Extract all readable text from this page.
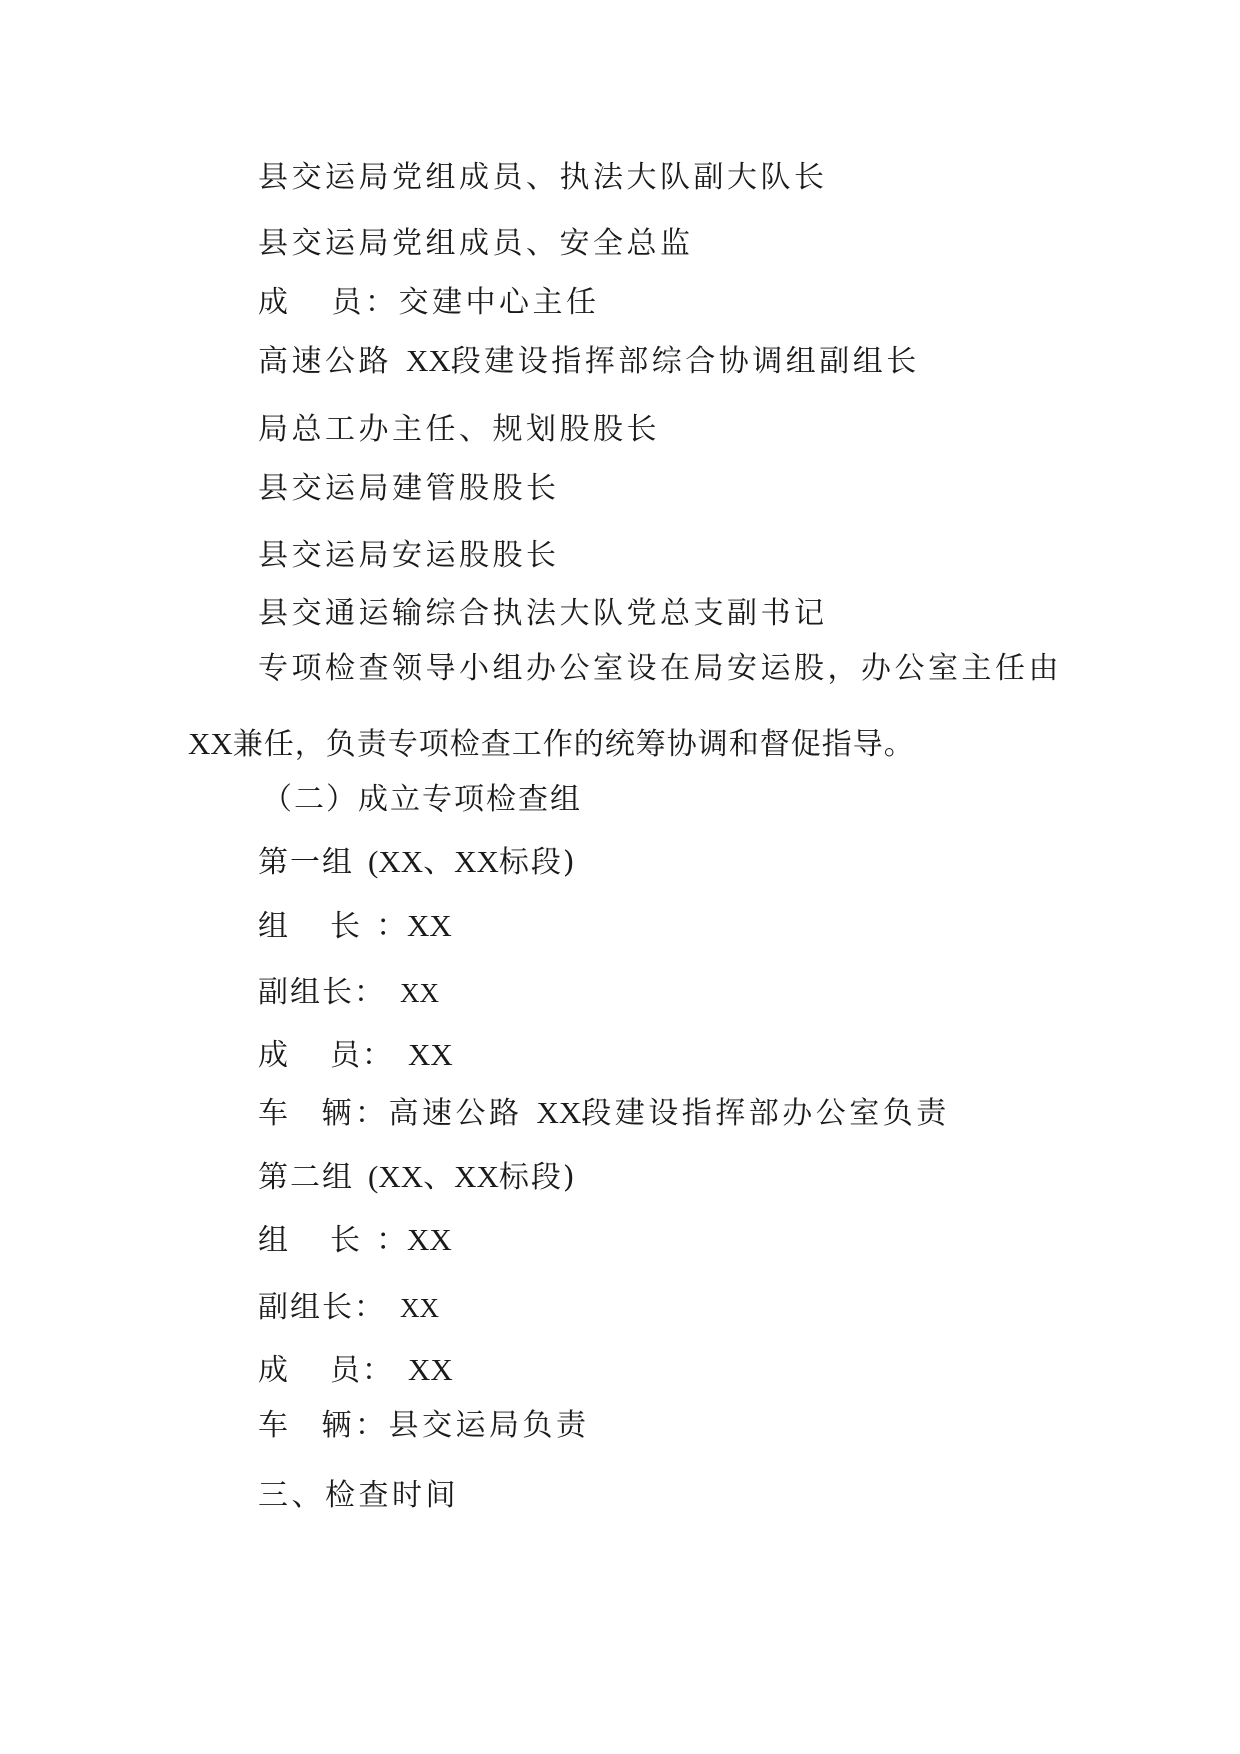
县交运局党组成员、执法大队副大队长
县交运局党组成员、安全总监
成 员：交建中心主任
高速公路 XX段建设指挥部综合协调组副组长
局总工办主任、规划股股长
县交运局建管股股长
县交运局安运股股长
县交通运输综合执法大队党总支副书记
专项检查领导小组办公室设在局安运股，办公室主任由
XX兼任，负责专项检查工作的统筹协调和督促指导。
（二）成立专项检查组
第一组 (XX、XX标段)
组 长 ：XX
副组长： XX
成 员： XX
车 辆：高速公路 XX段建设指挥部办公室负责
第二组 (XX、XX标段)
组 长 ：XX
副组长： XX
成 员： XX
车 辆：县交运局负责
三、检查时间
